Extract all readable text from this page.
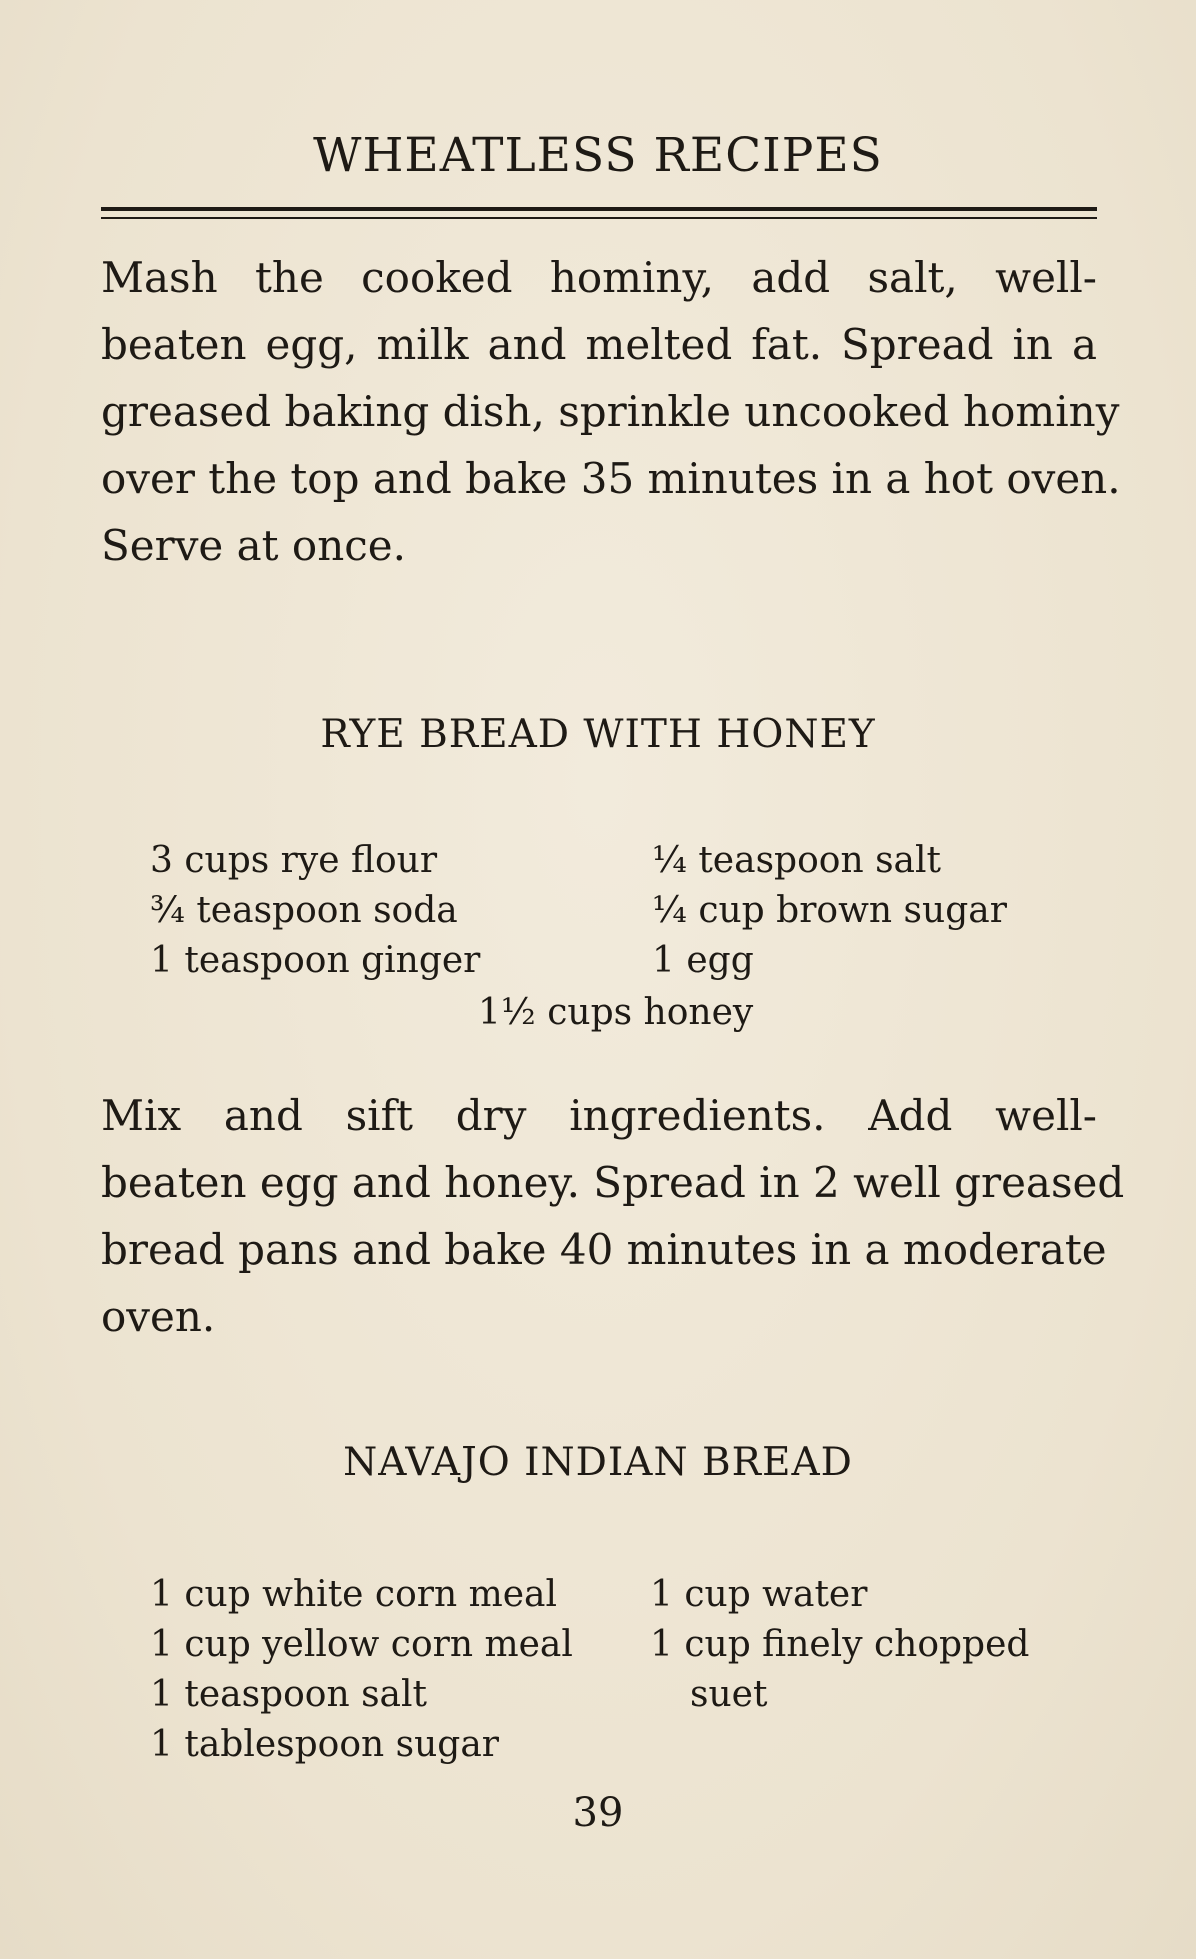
WHEATLESS RECIPES

Mash the cooked hominy, add salt, well-
beaten egg, milk and melted fat. Spread in a
greased baking dish, sprinkle uncooked hominy
over the top and bake 35 minutes in a hot oven.
Serve at once.

RYE BREAD WITH HONEY
3 cups rye flour
¾ teaspoon soda
1 teaspoon ginger
¼ teaspoon salt
¼ cup brown sugar
1 egg
1½ cups honey

Mix and sift dry ingredients. Add well-
beaten egg and honey. Spread in 2 well greased
bread pans and bake 40 minutes in a moderate
oven.

NAVAJO INDIAN BREAD
1 cup white corn meal
1 cup yellow corn meal
1 teaspoon salt
1 tablespoon sugar
1 cup water
1 cup finely chopped
suet
39
